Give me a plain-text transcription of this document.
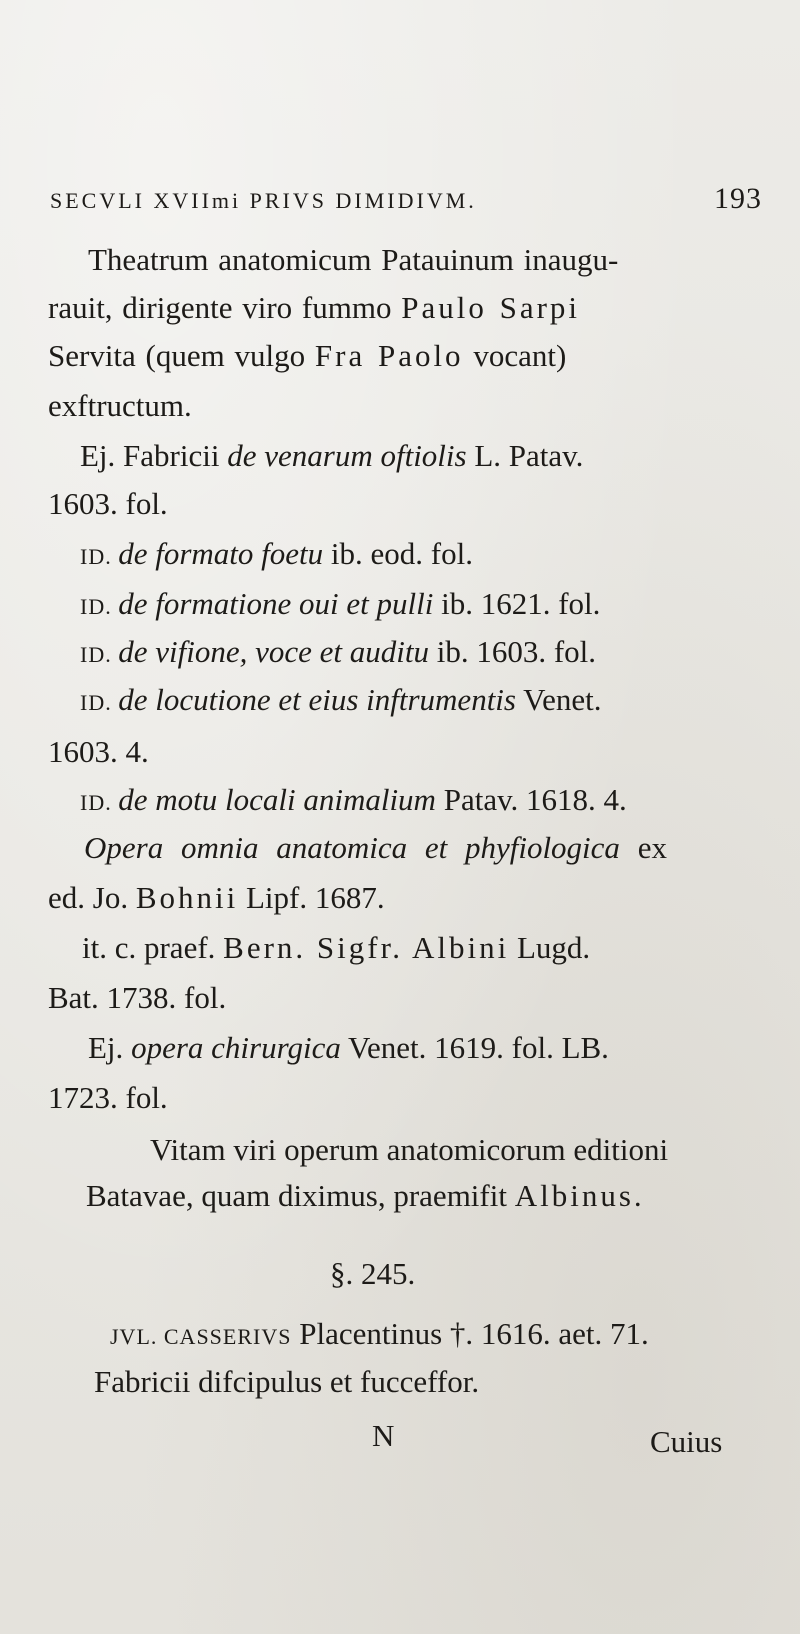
SECVLI XVIImi PRIVS DIMIDIVM.	193
Theatrum anatomicum Patauinum inaugu-
rauit, dirigente viro fummo Paulo Sarpi
Servita (quem vulgo Fra Paolo vocant)
exftructum.
Ej. Fabricii de venarum oftiolis L. Patav.
1603. fol.
ID. de formato foetu ib. eod. fol.
ID. de formatione oui et pulli ib. 1621. fol.
ID. de vifione, voce et auditu ib. 1603. fol.
ID. de locutione et eius inftrumentis Venet.
1603. 4.
ID. de motu locali animalium Patav. 1618. 4.
Opera omnia anatomica et phyfiologica ex
ed. Jo. Bohnii Lipf. 1687.
it. c. praef. Bern. Sigfr. Albini Lugd.
Bat. 1738. fol.
Ej. opera chirurgica Venet. 1619. fol. LB.
1723. fol.
Vitam viri operum anatomicorum editioni
Batavae, quam diximus, praemifit Albinus.
§. 245.
JVL. CASSERIVS Placentinus †. 1616. aet. 71.
Fabricii difcipulus et fucceffor.
N	Cuius
